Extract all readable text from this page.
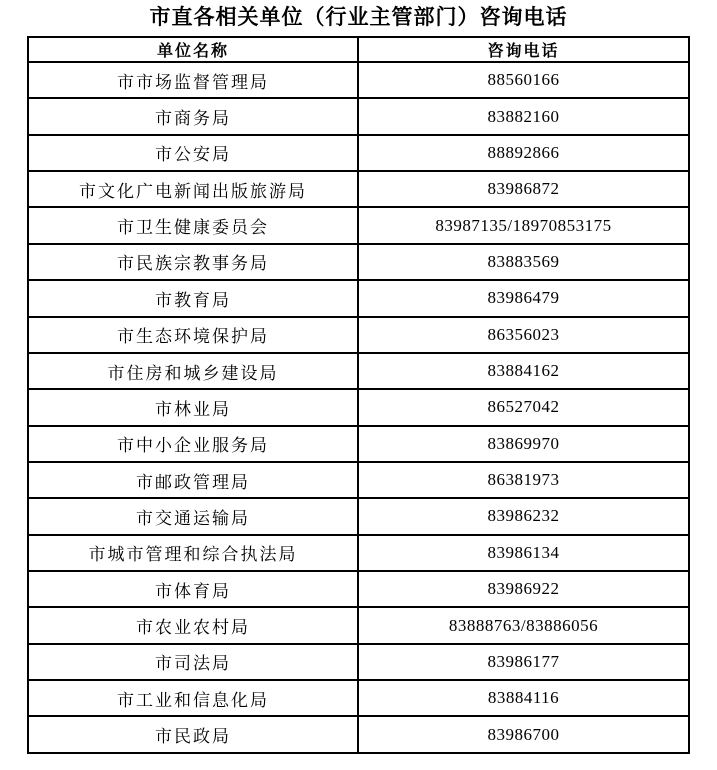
市直各相关单位（行业主管部门）咨询电话
单位名称	咨询电话
市市场监督管理局	88560166
市商务局	83882160
市公安局	88892866
市文化广电新闻出版旅游局	83986872
市卫生健康委员会	83987135/18970853175
市民族宗教事务局	83883569
市教育局	83986479
市生态环境保护局	86356023
市住房和城乡建设局	83884162
市林业局	86527042
市中小企业服务局	83869970
市邮政管理局	86381973
市交通运输局	83986232
市城市管理和综合执法局	83986134
市体育局	83986922
市农业农村局	83888763/83886056
市司法局	83986177
市工业和信息化局	83884116
市民政局	83986700
